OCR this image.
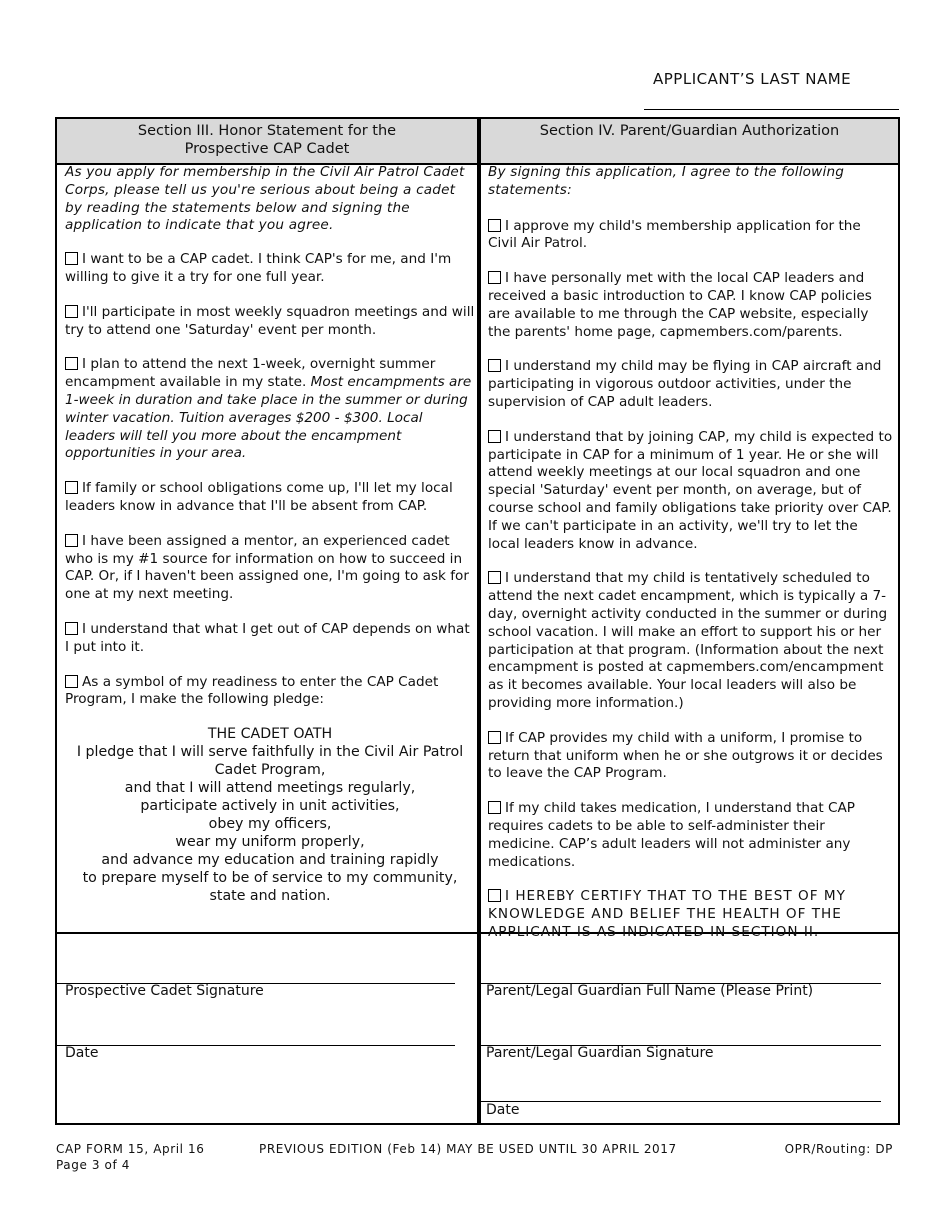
APPLICANT’S LAST NAME
Section III. Honor Statement for the
Prospective CAP Cadet
Section IV. Parent/Guardian Authorization

As you apply for membership in the Civil Air Patrol Cadet Corps, please tell us you're serious about being a cadet by reading the statements below and signing the application to indicate that you agree.

I want to be a CAP cadet. I think CAP's for me, and I'm willing to give it a try for one full year.
I'll participate in most weekly squadron meetings and will try to attend one 'Saturday' event per month.
I plan to attend the next 1-week, overnight summer encampment available in my state. Most encampments are 1-week in duration and take place in the summer or during winter vacation. Tuition averages $200 - $300. Local leaders will tell you more about the encampment opportunities in your area.
If family or school obligations come up, I'll let my local leaders know in advance that I'll be absent from CAP.
I have been assigned a mentor, an experienced cadet who is my #1 source for information on how to succeed in CAP. Or, if I haven't been assigned one, I'm going to ask for one at my next meeting.
I understand that what I get out of CAP depends on what I put into it.
As a symbol of my readiness to enter the CAP Cadet Program, I make the following pledge:
THE CADET OATH
I pledge that I will serve faithfully in the Civil Air Patrol
Cadet Program,
and that I will attend meetings regularly,
participate actively in unit activities,
obey my officers,
wear my uniform properly,
and advance my education and training rapidly
to prepare myself to be of service to my community,
state and nation.

By signing this application, I agree to the following statements:

I approve my child's membership application for the Civil Air Patrol.
I have personally met with the local CAP leaders and received a basic introduction to CAP. I know CAP policies are available to me through the CAP website, especially the parents' home page, capmembers.com/parents.
I understand my child may be flying in CAP aircraft and participating in vigorous outdoor activities, under the supervision of CAP adult leaders.
I understand that by joining CAP, my child is expected to participate in CAP for a minimum of 1 year. He or she will attend weekly meetings at our local squadron and one special 'Saturday' event per month, on average, but of course school and family obligations take priority over CAP. If we can't participate in an activity, we'll try to let the local leaders know in advance.
I understand that my child is tentatively scheduled to attend the next cadet encampment, which is typically a 7-day, overnight activity conducted in the summer or during school vacation. I will make an effort to support his or her participation at that program. (Information about the next encampment is posted at capmembers.com/encampment as it becomes available. Your local leaders will also be providing more information.)
If CAP provides my child with a uniform, I promise to return that uniform when he or she outgrows it or decides to leave the CAP Program.
If my child takes medication, I understand that CAP requires cadets to be able to self-administer their medicine. CAP’s adult leaders will not administer any medications.
I HEREBY CERTIFY THAT TO THE BEST OF MY KNOWLEDGE AND BELIEF THE HEALTH OF THE APPLICANT IS AS INDICATED IN SECTION II.
Prospective Cadet Signature
Date
Parent/Legal Guardian Full Name (Please Print)
Parent/Legal Guardian Signature
Date
CAP FORM 15, April 16
Page 3 of 4
PREVIOUS EDITION (Feb 14) MAY BE USED UNTIL 30 APRIL 2017	OPR/Routing: DP
